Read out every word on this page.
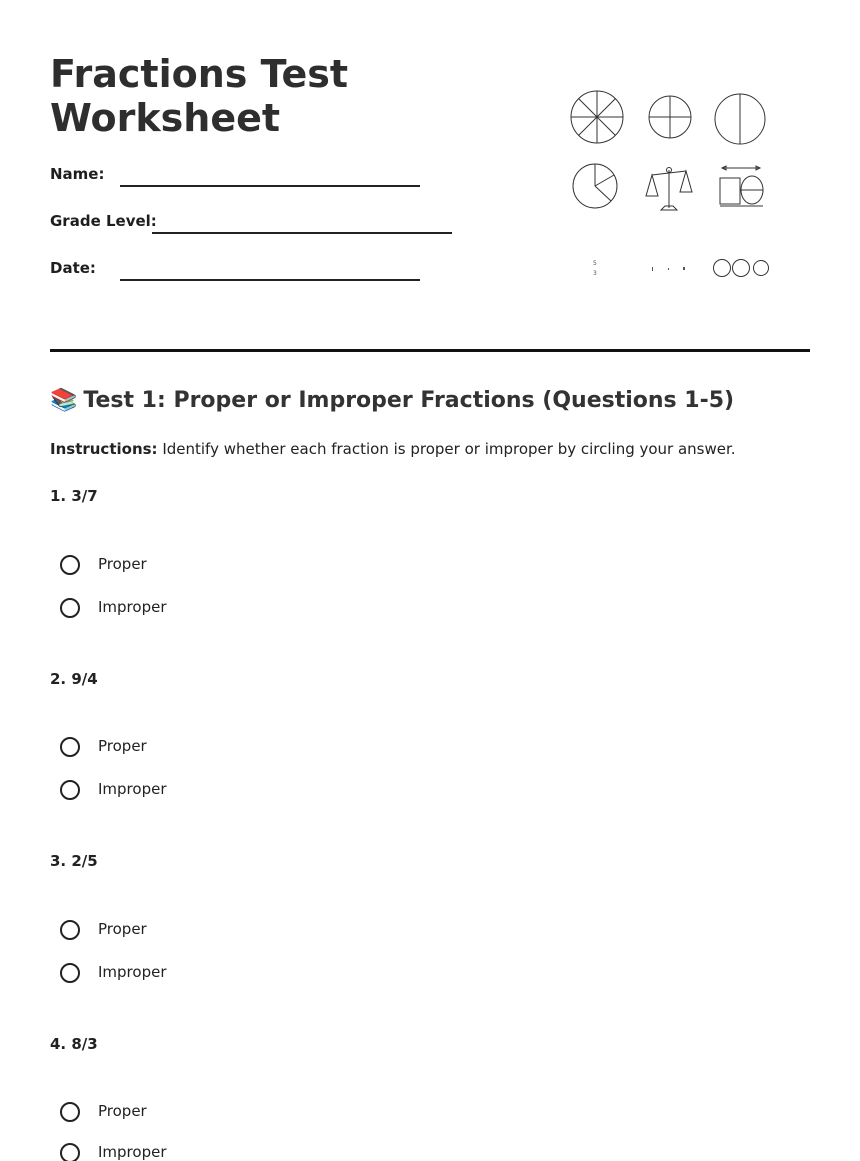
Fractions Test Worksheet
Name:
Grade Level:
Date:	5
3
📚 Test 1: Proper or Improper Fractions (Questions 1-5)

Instructions: Identify whether each fraction is proper or improper by circling your answer.

1. 3/7
Proper
Improper
2. 9/4
Proper
Improper
3. 2/5
Proper
Improper
4. 8/3
Proper
Improper
